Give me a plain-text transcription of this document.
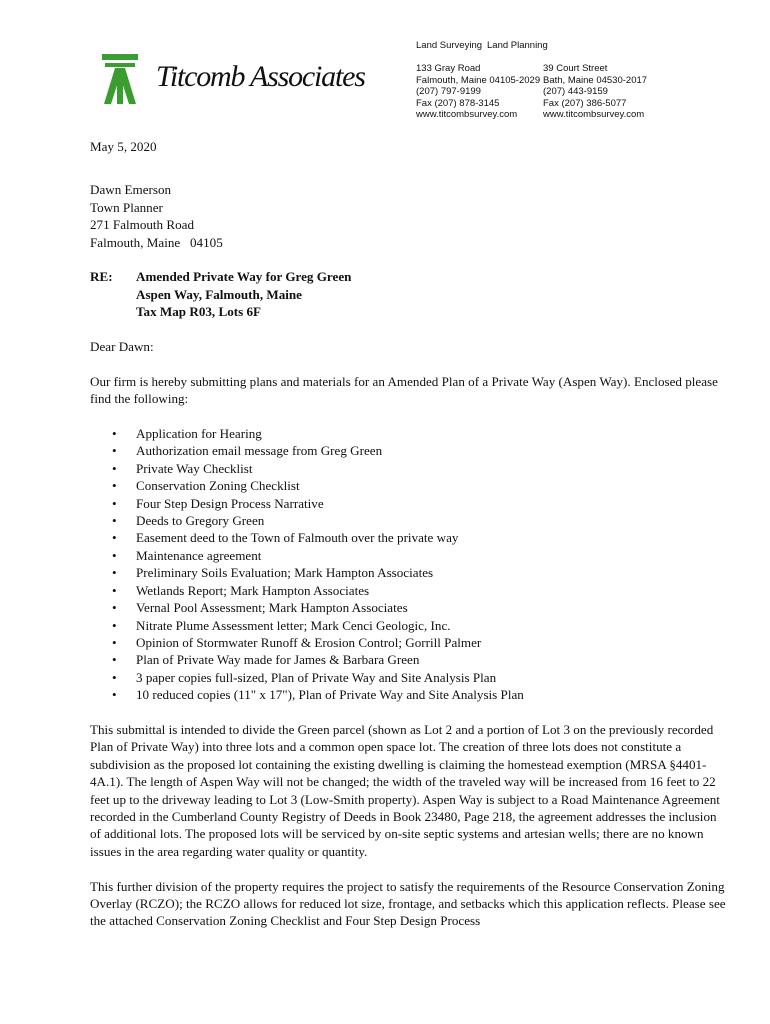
Titcomb Associates
Land Surveying Land Planning
133 Gray Road
Falmouth, Maine 04105-2029
(207) 797-9199
Fax (207) 878-3145
www.titcombsurvey.com
39 Court Street
Bath, Maine 04530-2017
(207) 443-9159
Fax (207) 386-5077
www.titcombsurvey.com
May 5, 2020
Dawn Emerson
Town Planner
271 Falmouth Road
Falmouth, Maine   04105
RE:	Amended Private Way for Greg Green
Aspen Way, Falmouth, Maine
Tax Map R03, Lots 6F

Dear Dawn:

Our firm is hereby submitting plans and materials for an Amended Plan of a Private Way (Aspen Way). Enclosed please find the following:

• Application for Hearing
• Authorization email message from Greg Green
• Private Way Checklist
• Conservation Zoning Checklist
• Four Step Design Process Narrative
• Deeds to Gregory Green
• Easement deed to the Town of Falmouth over the private way
• Maintenance agreement
• Preliminary Soils Evaluation; Mark Hampton Associates
• Wetlands Report; Mark Hampton Associates
• Vernal Pool Assessment; Mark Hampton Associates
• Nitrate Plume Assessment letter; Mark Cenci Geologic, Inc.
• Opinion of Stormwater Runoff & Erosion Control; Gorrill Palmer
• Plan of Private Way made for James & Barbara Green
• 3 paper copies full-sized, Plan of Private Way and Site Analysis Plan
• 10 reduced copies (11" x 17"), Plan of Private Way and Site Analysis Plan

This submittal is intended to divide the Green parcel (shown as Lot 2 and a portion of Lot 3 on the previously recorded Plan of Private Way) into three lots and a common open space lot. The creation of three lots does not constitute a subdivision as the proposed lot containing the existing dwelling is claiming the homestead exemption (MRSA §4401-4A.1). The length of Aspen Way will not be changed; the width of the traveled way will be increased from 16 feet to 22 feet up to the driveway leading to Lot 3 (Low-Smith property). Aspen Way is subject to a Road Maintenance Agreement recorded in the Cumberland County Registry of Deeds in Book 23480, Page 218, the agreement addresses the inclusion of additional lots. The proposed lots will be serviced by on-site septic systems and artesian wells; there are no known issues in the area regarding water quality or quantity.

This further division of the property requires the project to satisfy the requirements of the Resource Conservation Zoning Overlay (RCZO); the RCZO allows for reduced lot size, frontage, and setbacks which this application reflects. Please see the attached Conservation Zoning Checklist and Four Step Design Process
